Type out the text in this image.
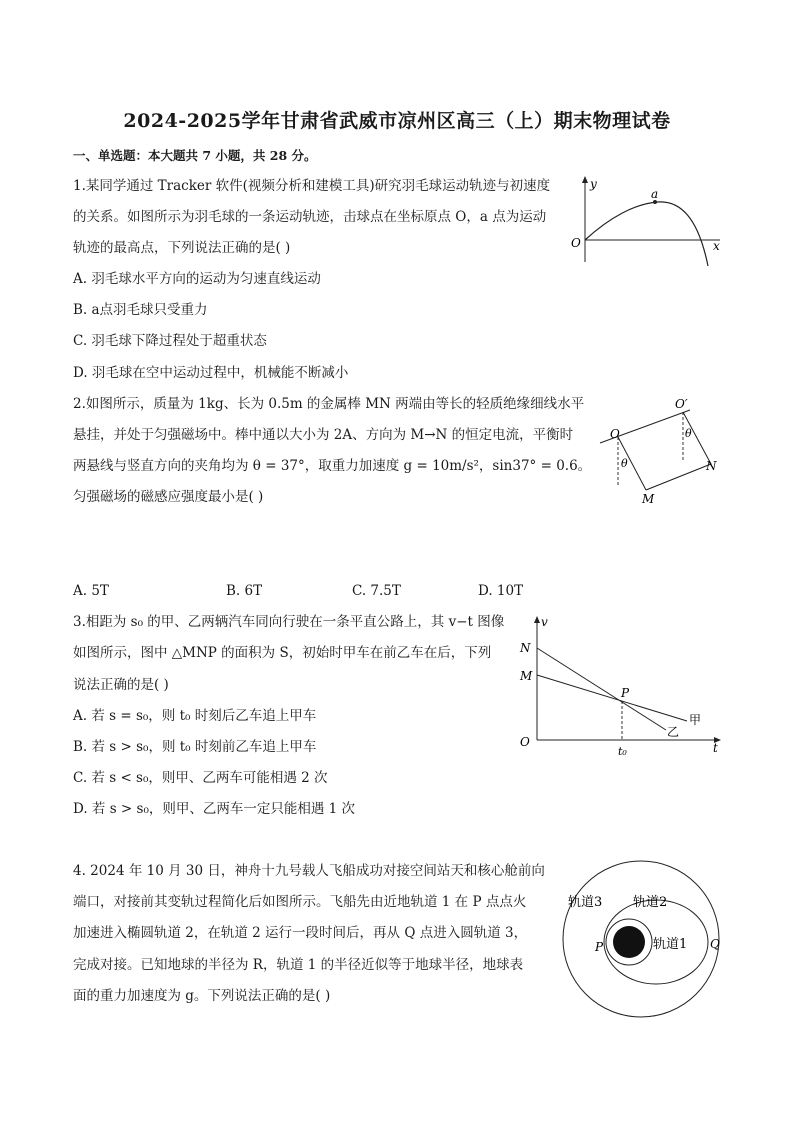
2024-2025学年甘肃省武威市凉州区高三（上）期末物理试卷
一、单选题：本大题共 7 小题，共 28 分。
1.某同学通过 Tracker 软件(视频分析和建模工具)研究羽毛球运动轨迹与初速度
的关系。如图所示为羽毛球的一条运动轨迹，击球点在坐标原点 O，a 点为运动
轨迹的最高点，下列说法正确的是( )
A. 羽毛球水平方向的运动为匀速直线运动
B. a点羽毛球只受重力
C. 羽毛球下降过程处于超重状态
D. 羽毛球在空中运动过程中，机械能不断减小
y
a
O	x
2.如图所示，质量为 1kg、长为 0.5m 的金属棒 MN 两端由等长的轻质绝缘细线水平
悬挂，并处于匀强磁场中。棒中通以大小为 2A、方向为 M→N 的恒定电流，平衡时
两悬线与竖直方向的夹角均为 θ = 37°，取重力加速度 g = 10m/s²，sin37° = 0.6。
匀强磁场的磁感应强度最小是( )
A. 5T	B. 6T	C. 7.5T	D. 10T
O
O′
θ
θ
N
M
3.相距为 s₀ 的甲、乙两辆汽车同向行驶在一条平直公路上，其 v−t 图像
如图所示，图中 △MNP 的面积为 S，初始时甲车在前乙车在后，下列
说法正确的是( )
A. 若 s = s₀，则 t₀ 时刻后乙车追上甲车
B. 若 s > s₀，则 t₀ 时刻前乙车追上甲车
C. 若 s < s₀，则甲、乙两车可能相遇 2 次
D. 若 s > s₀，则甲、乙两车一定只能相遇 1 次
v
N
M
P
甲
乙
O
t₀	t
4. 2024 年 10 月 30 日，神舟十九号载人飞船成功对接空间站天和核心舱前向
端口，对接前其变轨过程简化后如图所示。飞船先由近地轨道 1 在 P 点点火
加速进入椭圆轨道 2，在轨道 2 运行一段时间后，再从 Q 点进入圆轨道 3，
完成对接。已知地球的半径为 R，轨道 1 的半径近似等于地球半径，地球表
面的重力加速度为 g。下列说法正确的是( )
轨道3 轨道2
轨道1
P	Q
